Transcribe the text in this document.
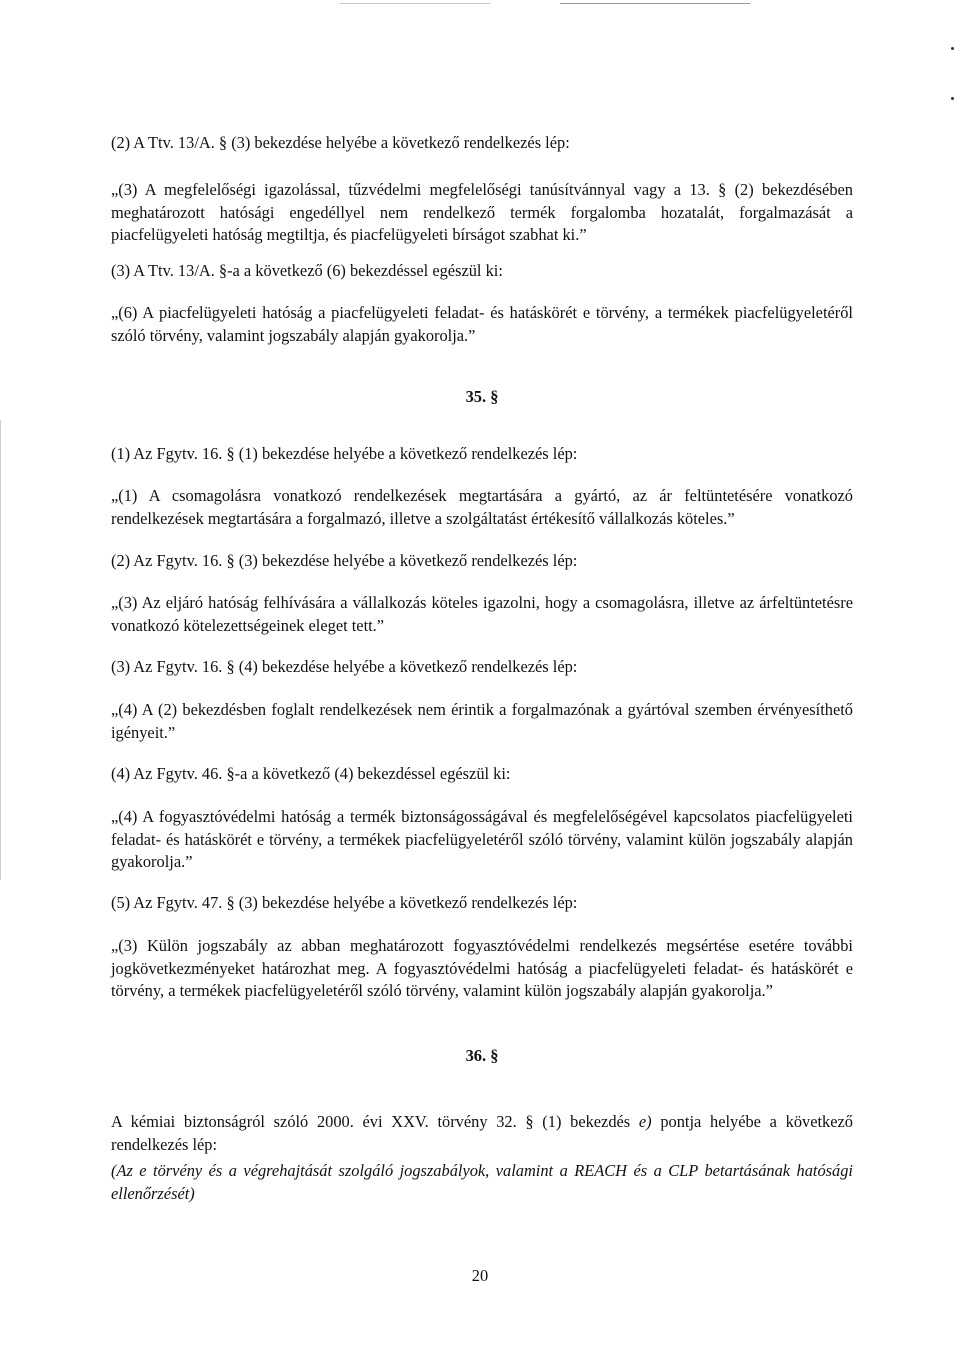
(2) A Ttv. 13/A. § (3) bekezdése helyébe a következő rendelkezés lép:

„(3) A megfelelőségi igazolással, tűzvédelmi megfelelőségi tanúsítvánnyal vagy a 13. § (2) bekezdésében meghatározott hatósági engedéllyel nem rendelkező termék forgalomba hozatalát, forgalmazását a piacfelügyeleti hatóság megtiltja, és piacfelügyeleti bírságot szabhat ki.”

(3) A Ttv. 13/A. §-a a következő (6) bekezdéssel egészül ki:

„(6) A piacfelügyeleti hatóság a piacfelügyeleti feladat- és hatáskörét e törvény, a termékek piacfelügyeletéről szóló törvény, valamint jogszabály alapján gyakorolja.”

35. §

(1) Az Fgytv. 16. § (1) bekezdése helyébe a következő rendelkezés lép:

„(1) A csomagolásra vonatkozó rendelkezések megtartására a gyártó, az ár feltüntetésére vonatkozó rendelkezések megtartására a forgalmazó, illetve a szolgáltatást értékesítő vállalkozás köteles.”

(2) Az Fgytv. 16. § (3) bekezdése helyébe a következő rendelkezés lép:

„(3) Az eljáró hatóság felhívására a vállalkozás köteles igazolni, hogy a csomagolásra, illetve az árfeltüntetésre vonatkozó kötelezettségeinek eleget tett.”

(3) Az Fgytv. 16. § (4) bekezdése helyébe a következő rendelkezés lép:

„(4) A (2) bekezdésben foglalt rendelkezések nem érintik a forgalmazónak a gyártóval szemben érvényesíthető igényeit.”

(4) Az Fgytv. 46. §-a a következő (4) bekezdéssel egészül ki:

„(4) A fogyasztóvédelmi hatóság a termék biztonságosságával és megfelelőségével kapcsolatos piacfelügyeleti feladat- és hatáskörét e törvény, a termékek piacfelügyeletéről szóló törvény, valamint külön jogszabály alapján gyakorolja.”

(5) Az Fgytv. 47. § (3) bekezdése helyébe a következő rendelkezés lép:

„(3) Külön jogszabály az abban meghatározott fogyasztóvédelmi rendelkezés megsértése esetére további jogkövetkezményeket határozhat meg. A fogyasztóvédelmi hatóság a piacfelügyeleti feladat- és hatáskörét e törvény, a termékek piacfelügyeletéről szóló törvény, valamint külön jogszabály alapján gyakorolja.”

36. §

A kémiai biztonságról szóló 2000. évi XXV. törvény 32. § (1) bekezdés e) pontja helyébe a következő rendelkezés lép:

(Az e törvény és a végrehajtását szolgáló jogszabályok, valamint a REACH és a CLP betartásának hatósági ellenőrzését)

20
